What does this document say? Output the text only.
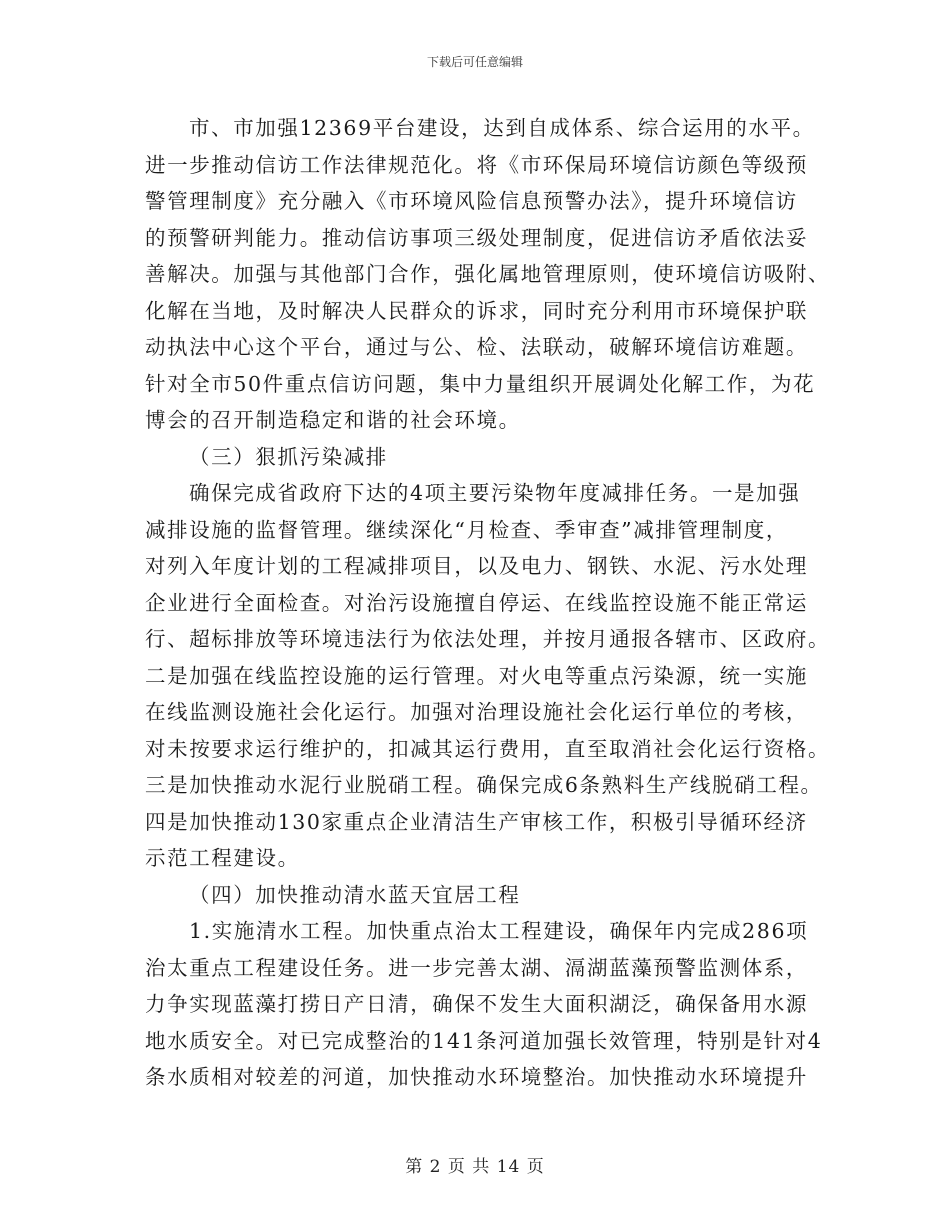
下载后可任意编辑
市、市加强12369平台建设，达到自成体系、综合运用的水平。
进一步推动信访工作法律规范化。将《市环保局环境信访颜色等级预
警管理制度》充分融入《市环境风险信息预警办法》，提升环境信访
的预警研判能力。推动信访事项三级处理制度，促进信访矛盾依法妥
善解决。加强与其他部门合作，强化属地管理原则，使环境信访吸附、
化解在当地，及时解决人民群众的诉求，同时充分利用市环境保护联
动执法中心这个平台，通过与公、检、法联动，破解环境信访难题。
针对全市50件重点信访问题，集中力量组织开展调处化解工作，为花
博会的召开制造稳定和谐的社会环境。
（三）狠抓污染减排
确保完成省政府下达的4项主要污染物年度减排任务。一是加强
减排设施的监督管理。继续深化“月检查、季审查”减排管理制度，
对列入年度计划的工程减排项目，以及电力、钢铁、水泥、污水处理
企业进行全面检查。对治污设施擅自停运、在线监控设施不能正常运
行、超标排放等环境违法行为依法处理，并按月通报各辖市、区政府。
二是加强在线监控设施的运行管理。对火电等重点污染源，统一实施
在线监测设施社会化运行。加强对治理设施社会化运行单位的考核，
对未按要求运行维护的，扣减其运行费用，直至取消社会化运行资格。
三是加快推动水泥行业脱硝工程。确保完成6条熟料生产线脱硝工程。
四是加快推动130家重点企业清洁生产审核工作，积极引导循环经济
示范工程建设。
（四）加快推动清水蓝天宜居工程
1.实施清水工程。加快重点治太工程建设，确保年内完成286项
治太重点工程建设任务。进一步完善太湖、滆湖蓝藻预警监测体系，
力争实现蓝藻打捞日产日清，确保不发生大面积湖泛，确保备用水源
地水质安全。对已完成整治的141条河道加强长效管理，特别是针对4
条水质相对较差的河道，加快推动水环境整治。加快推动水环境提升
第 2 页 共 14 页
